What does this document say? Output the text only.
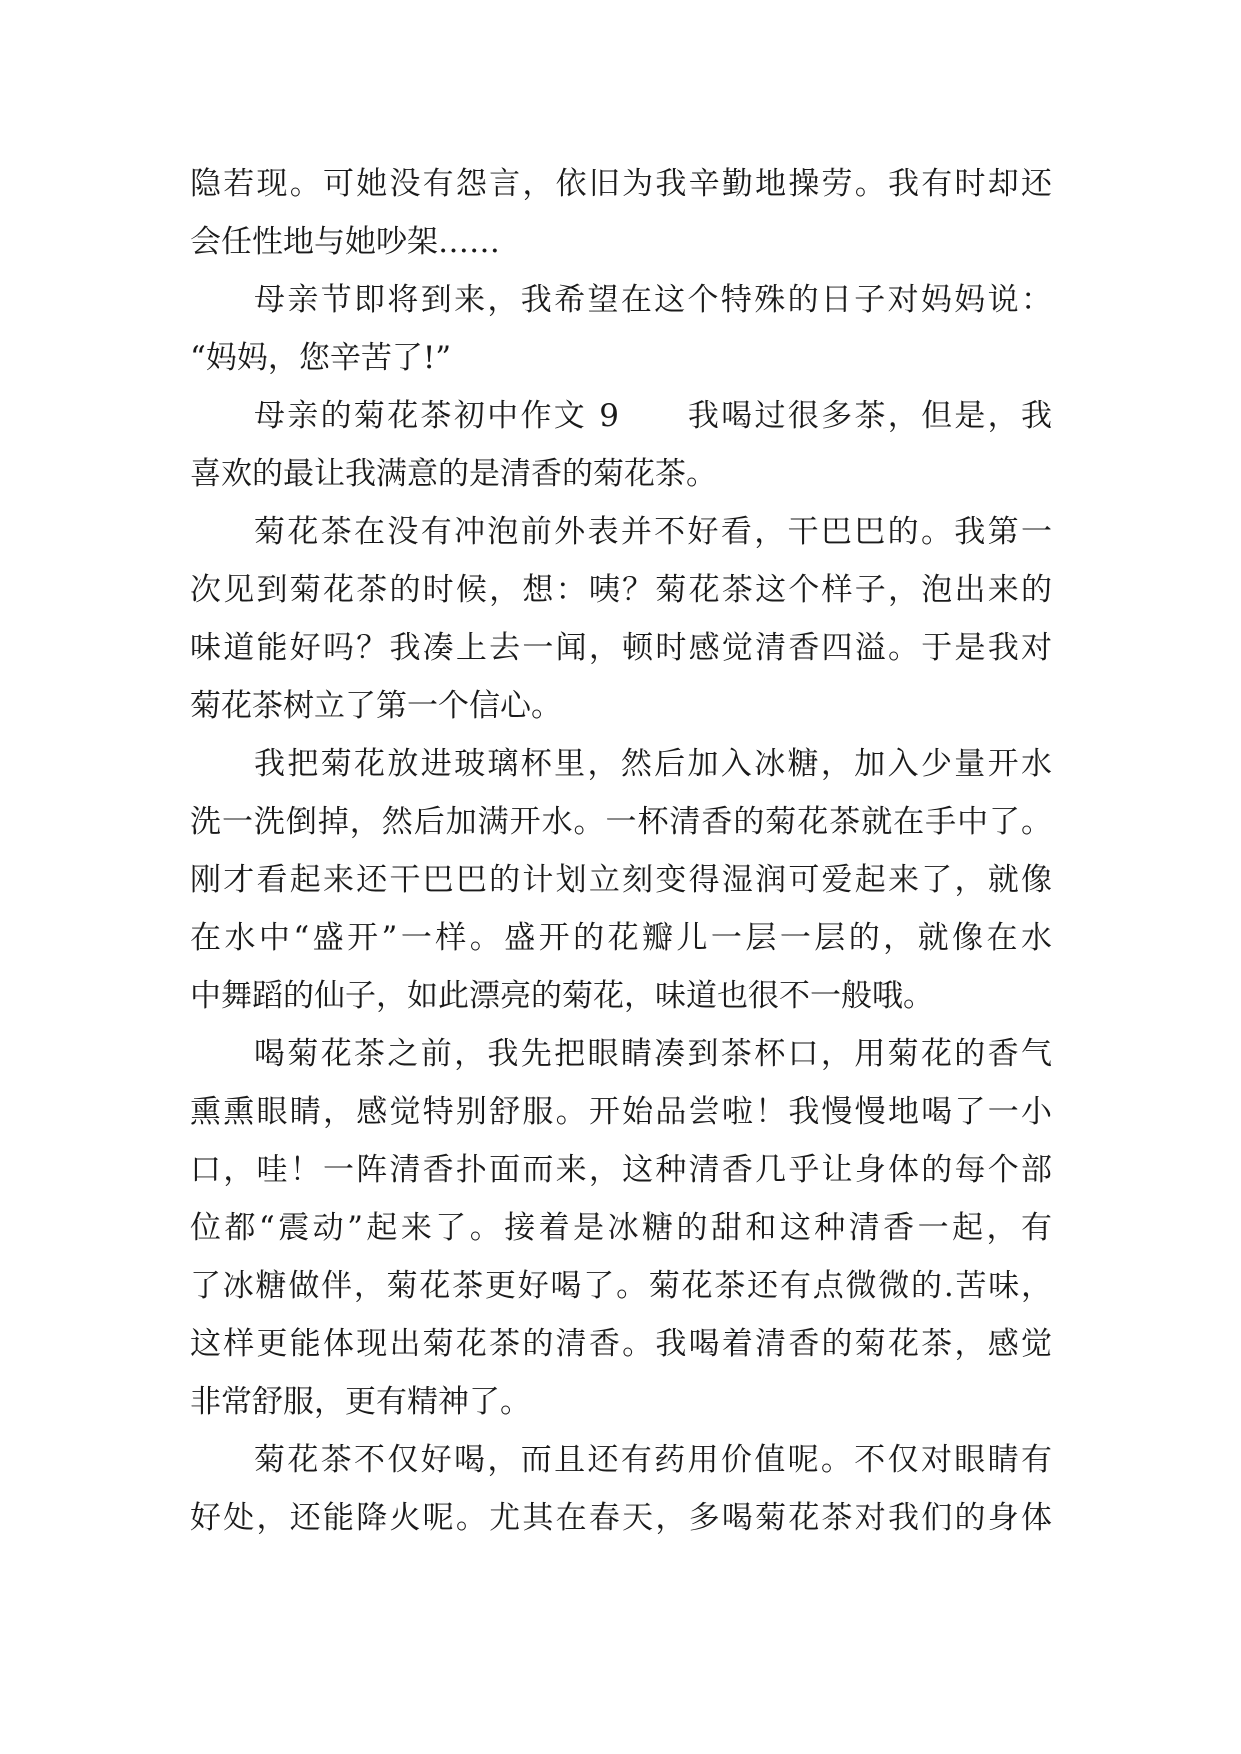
隐若现。可她没有怨言，依旧为我辛勤地操劳。我有时却还
会任性地与她吵架……
母亲节即将到来，我希望在这个特殊的日子对妈妈说：
“妈妈，您辛苦了!”
母亲的菊花茶初中作文 9　　我喝过很多茶，但是，我
喜欢的最让我满意的是清香的菊花茶。
菊花茶在没有冲泡前外表并不好看，干巴巴的。我第一
次见到菊花茶的时候，想：咦？菊花茶这个样子，泡出来的
味道能好吗？我凑上去一闻，顿时感觉清香四溢。于是我对
菊花茶树立了第一个信心。
我把菊花放进玻璃杯里，然后加入冰糖，加入少量开水
洗一洗倒掉，然后加满开水。一杯清香的菊花茶就在手中了。
刚才看起来还干巴巴的计划立刻变得湿润可爱起来了，就像
在水中“盛开”一样。盛开的花瓣儿一层一层的，就像在水
中舞蹈的仙子，如此漂亮的菊花，味道也很不一般哦。
喝菊花茶之前，我先把眼睛凑到茶杯口，用菊花的香气
熏熏眼睛，感觉特别舒服。开始品尝啦！我慢慢地喝了一小
口，哇！一阵清香扑面而来，这种清香几乎让身体的每个部
位都“震动”起来了。接着是冰糖的甜和这种清香一起，有
了冰糖做伴，菊花茶更好喝了。菊花茶还有点微微的.苦味，
这样更能体现出菊花茶的清香。我喝着清香的菊花茶，感觉
非常舒服，更有精神了。
菊花茶不仅好喝，而且还有药用价值呢。不仅对眼睛有
好处，还能降火呢。尤其在春天，多喝菊花茶对我们的身体
